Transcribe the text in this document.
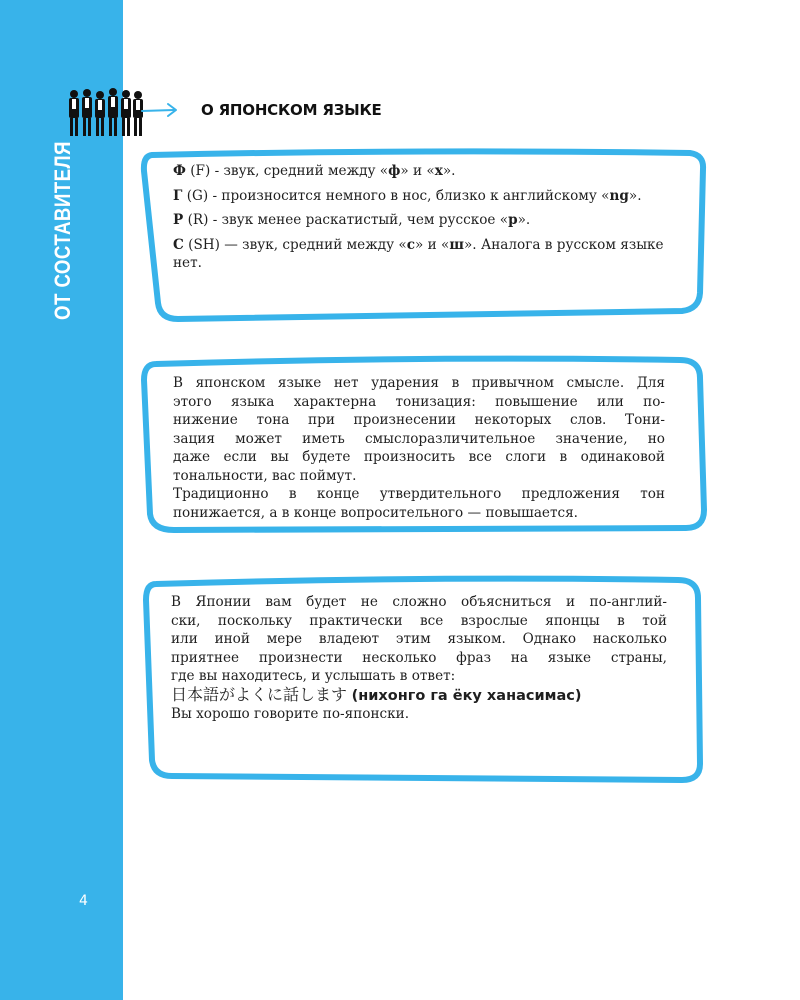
ОТ СОСТАВИТЕЛЯ
4
О ЯПОНСКОМ ЯЗЫКЕ

Ф (F) - звук, средний между «ф» и «х».

Г (G) - произносится немного в нос, близко к английскому «ng».

Р (R) - звук менее раскатистый, чем русское «р».

С (SH) — звук, средний между «с» и «ш». Аналога в русском языке нет.

В японском языке нет ударения в привычном смысле. Для
этого языка характерна тонизация: повышение или по-
нижение тона при произнесении некоторых слов. Тони-
зация может иметь смыслоразличительное значение, но
даже если вы будете произносить все слоги в одинаковой
тональности, вас поймут.
Традиционно в конце утвердительного предложения тон
понижается, а в конце вопросительного — повышается.
В Японии вам будет не сложно объясниться и по-англий-
ски, поскольку практически все взрослые японцы в той
или иной мере владеют этим языком. Однако насколько
приятнее произнести несколько фраз на языке страны,
где вы находитесь, и услышать в ответ:

日本語がよくに話します (нихонго га ёку ханасимас)

Вы хорошо говорите по-японски.
